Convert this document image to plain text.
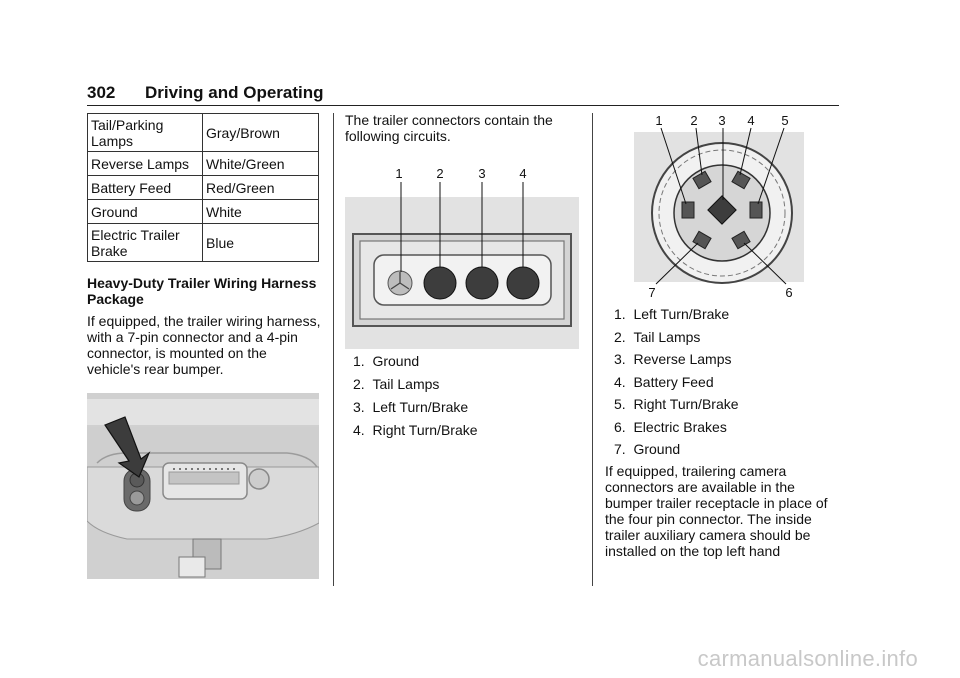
302 Driving and Operating
Tail/Parking Lamps	Gray/Brown
Reverse Lamps	White/Green
Battery Feed	Red/Green
Ground	White
Electric Trailer Brake	Blue
Heavy-Duty Trailer Wiring Harness Package
If equipped, the trailer wiring harness, with a 7-pin connector and a 4-pin connector, is mounted on the vehicle's rear bumper.
The trailer connectors contain the following circuits.
1	2	3	4
1.  Ground
2.  Tail Lamps
3.  Left Turn/Brake
4.  Right Turn/Brake
1 2 3 4 5
7	6
1.  Left Turn/Brake
2.  Tail Lamps
3.  Reverse Lamps
4.  Battery Feed
5.  Right Turn/Brake
6.  Electric Brakes
7.  Ground
If equipped, trailering camera connectors are available in the bumper trailer receptacle in place of the four pin connector. The inside trailer auxiliary camera should be installed on the top left hand
carmanualsonline.info
